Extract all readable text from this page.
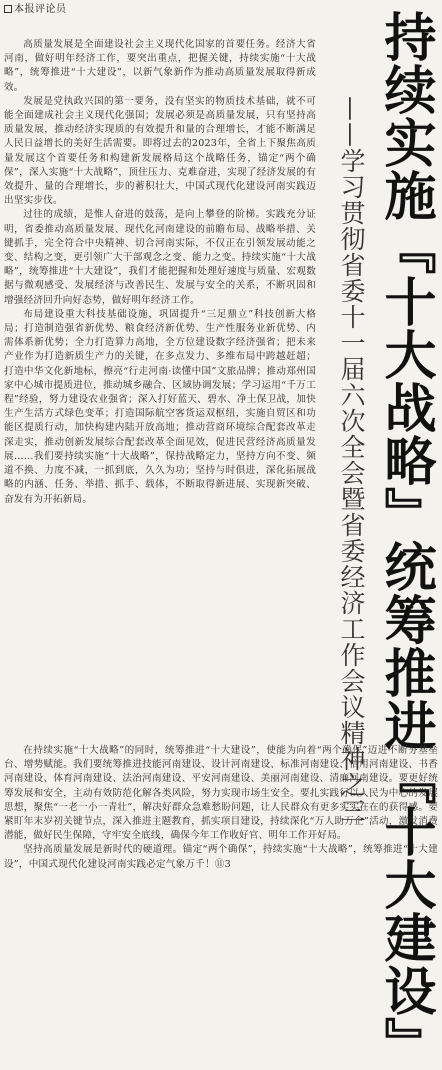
本报评论员
持续实施『十大战略』统筹推进『十大建设』
——学习贯彻省委十一届六次全会暨省委经济工作会议精神之三

高质量发展是全面建设社会主义现代化国家的首要任务。经济大省河南，做好明年经济工作，要突出重点，把握关键，持续实施“十大战略”，统筹推进“十大建设”，以新气象新作为推动高质量发展取得新成效。

发展是党执政兴国的第一要务，没有坚实的物质技术基础，就不可能全面建成社会主义现代化强国；发展必须是高质量发展，只有坚持高质量发展，推动经济实现质的有效提升和量的合理增长，才能不断满足人民日益增长的美好生活需要。即将过去的2023年，全省上下聚焦高质量发展这个首要任务和构建新发展格局这个战略任务，锚定“两个确保”，深入实施“十大战略”，顶住压力、克难奋进，实现了经济发展的有效提升、量的合理增长，步的蓄积壮大，中国式现代化建设河南实践迈出坚实步伐。

过往的成绩，是惟人奋进的鼓荡，是向上攀登的阶梯。实践充分证明，省委推动高质量发展、现代化河南建设的前瞻布局、战略举措、关键抓手，完全符合中央精神、切合河南实际，不仅正在引领发展动能之变、结构之变，更引领广大干部观念之变、能力之变。持续实施“十大战略”，统筹推进“十大建设”，我们才能把握和处理好速度与质量、宏观数据与微观感受、发展经济与改善民生、发展与安全的关系，不断巩固和增强经济回升向好态势，做好明年经济工作。

布局建设重大科技基础设施，巩固提升“三足鼎立”科技创新大格局；打造制造强省新优势、粮食经济新优势、生产性服务业新优势、内需体系新优势；全力打造算力高地，全方位建设数字经济强省；把未来产业作为打造新质生产力的关键，在多点发力、多维布局中跨越赶超；打造中华文化新地标，擦亮“行走河南·读懂中国”文旅品牌；推动郑州国家中心城市提质进位，推动城乡融合、区域协调发展；学习运用“千万工程”经验，努力建设农业强省；深入打好蓝天、碧水、净土保卫战，加快生产生活方式绿色变革；打造国际航空客货运双枢纽，实施自贸区和功能区提质行动，加快构建内陆开放高地；推动营商环境综合配套改革走深走实，推动创新发展综合配套改革全面见效，促进民营经济高质量发展……我们要持续实施“十大战略”，保持战略定力，坚持方向不变、频道不换、力度不减，一抓到底，久久为功；坚持与时俱进，深化拓展战略的内涵、任务、举措、抓手、载体，不断取得新进展、实现新突破、奋发有为开拓新局。

在持续实施“十大战略”的同时，统筹推进“十大建设”，使能为向着“两个确保”迈进不断夯基垒台、增势赋能。我们要统筹推进技能河南建设、设计河南建设、标准河南建设、信用河南建设、书香河南建设、体育河南建设、法治河南建设、平安河南建设、美丽河南建设、清廉河南建设。要更好统筹发展和安全，主动有效防范化解各类风险，努力实现市场生安全。要扎实践行以人民为中心的发展思想，聚焦“一老一小一青壮”，解决好群众急难愁盼问题，让人民群众有更多实实在在的获得感。要紧盯年末岁初关键节点，深入推进主题教育，抓实项目建设，持续深化“万人助万企”活动，激发消费潜能，做好民生保障，守牢安全底线，确保今年工作收好官、明年工作开好局。

坚持高质量发展是新时代的硬道理。锚定“两个确保”，持续实施“十大战略”，统筹推进“十大建设”，中国式现代化建设河南实践必定气象万千！⑪3
